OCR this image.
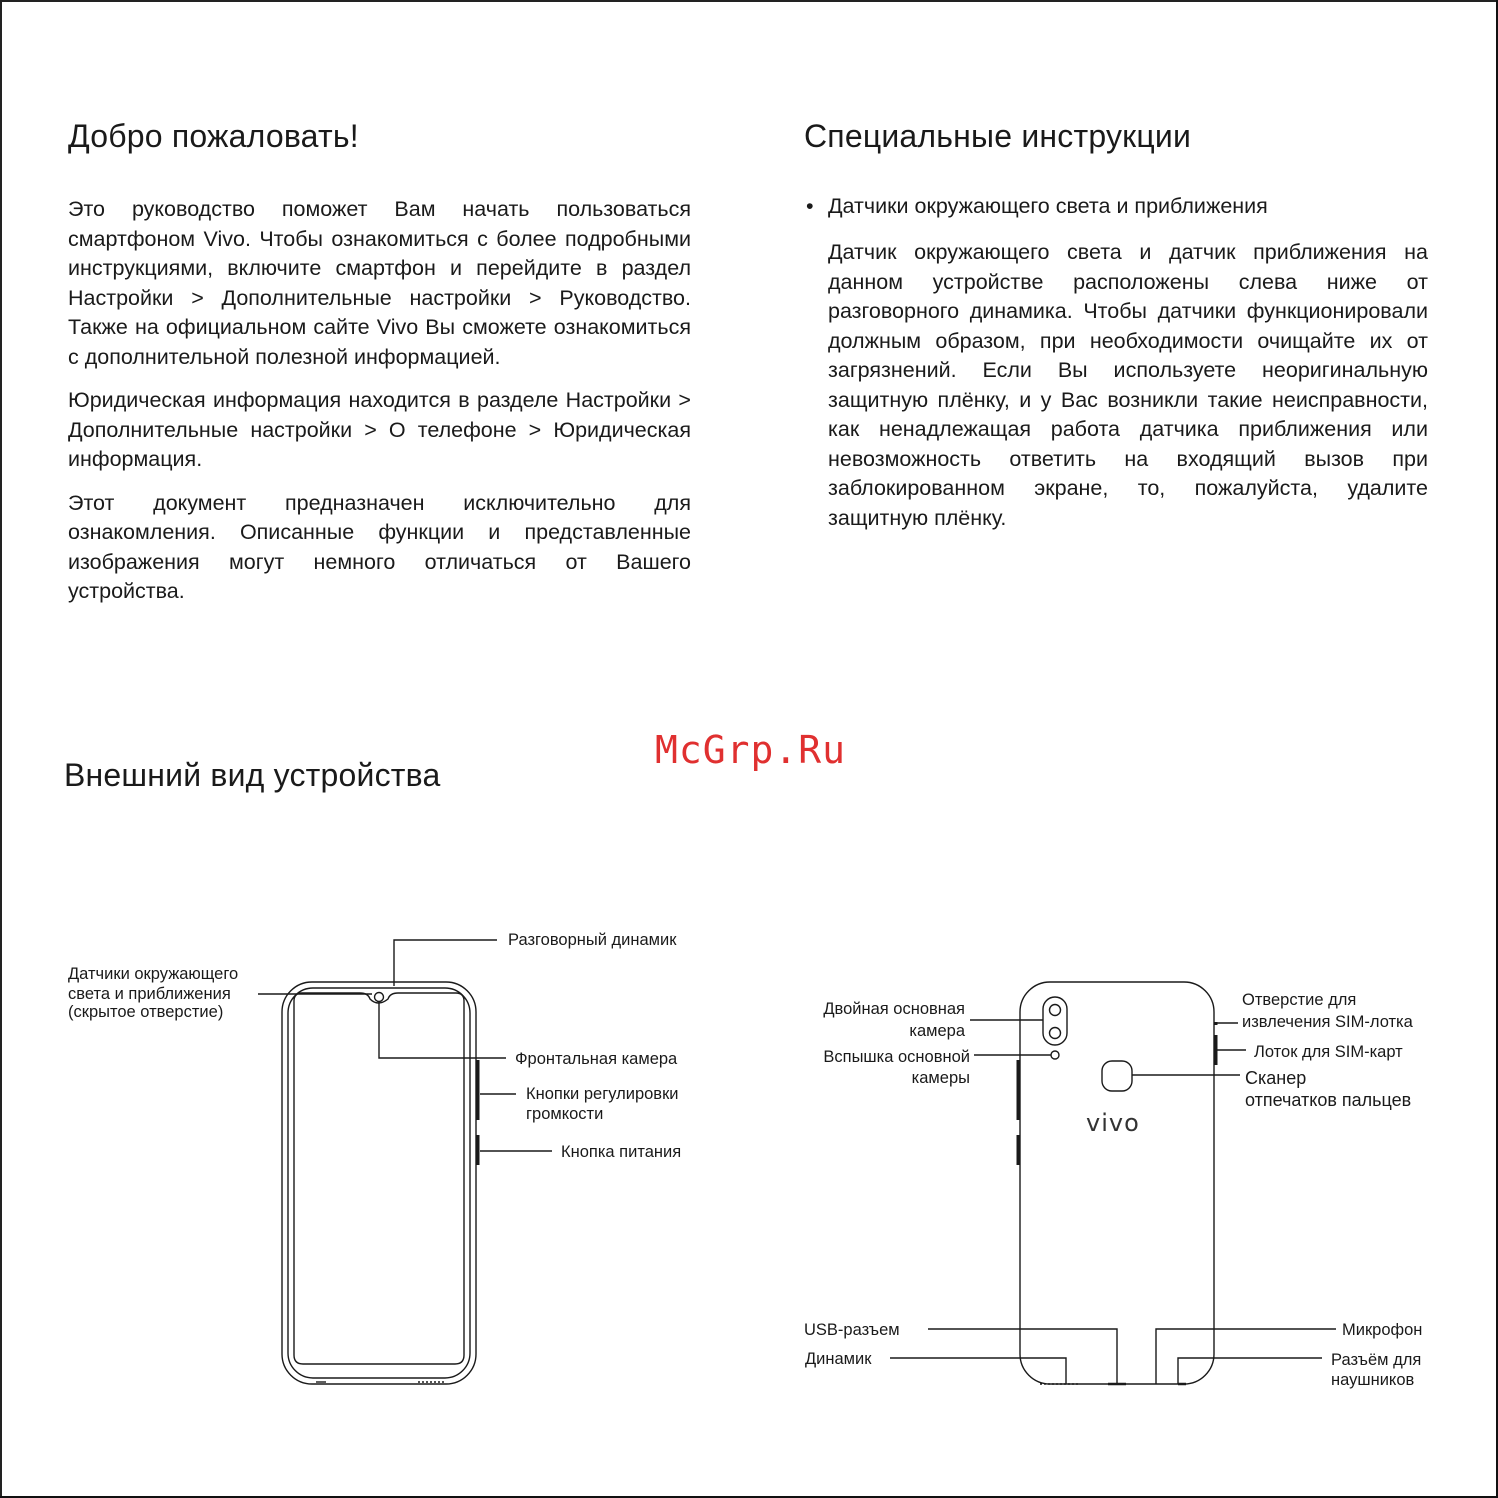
Добро пожаловать!

Это руководство поможет Вам начать пользоваться смартфоном Vivo. Чтобы ознакомиться с более подробными инструкциями, включите смартфон и перейдите в раздел Настройки > Дополнительные настройки > Руководство. Также на официальном сайте Vivo Вы сможете ознакомиться с дополнительной полезной информацией.

Юридическая информация находится в разделе Настройки > Дополнительные настройки > О телефоне > Юридическая информация.

Этот документ предназначен исключительно для ознакомления. Описанные функции и представленные изображения могут немного отличаться от Вашего устройства.

Специальные инструкции
• Датчики окружающего света и приближения

Датчик окружающего света и датчик приближения на данном устройстве расположены слева ниже от разговорного динамика. Чтобы датчики функционировали должным образом, при необходимости очищайте их от загрязнений. Если Вы используете неоригинальную защитную плёнку, и у Вас возникли такие неисправности, как ненадлежащая работа датчика приближения или невозможность ответить на входящий вызов при заблокированном экране, то, пожалуйста, удалите защитную плёнку.

McGrp.Ru
Внешний вид устройства
vivo
Разговорный динамик
Датчики окружающего
света и приближения
(скрытое отверстие)
Фронтальная камера
Кнопки регулировки
громкости
Кнопка питания
Двойная основная
камера
Вспышка основной
камеры
Отверстие для
извлечения SIM-лотка
Лоток для SIM-карт
Сканер
отпечатков пальцев
USB-разъем
Динамик
Микрофон
Разъём для
наушников
